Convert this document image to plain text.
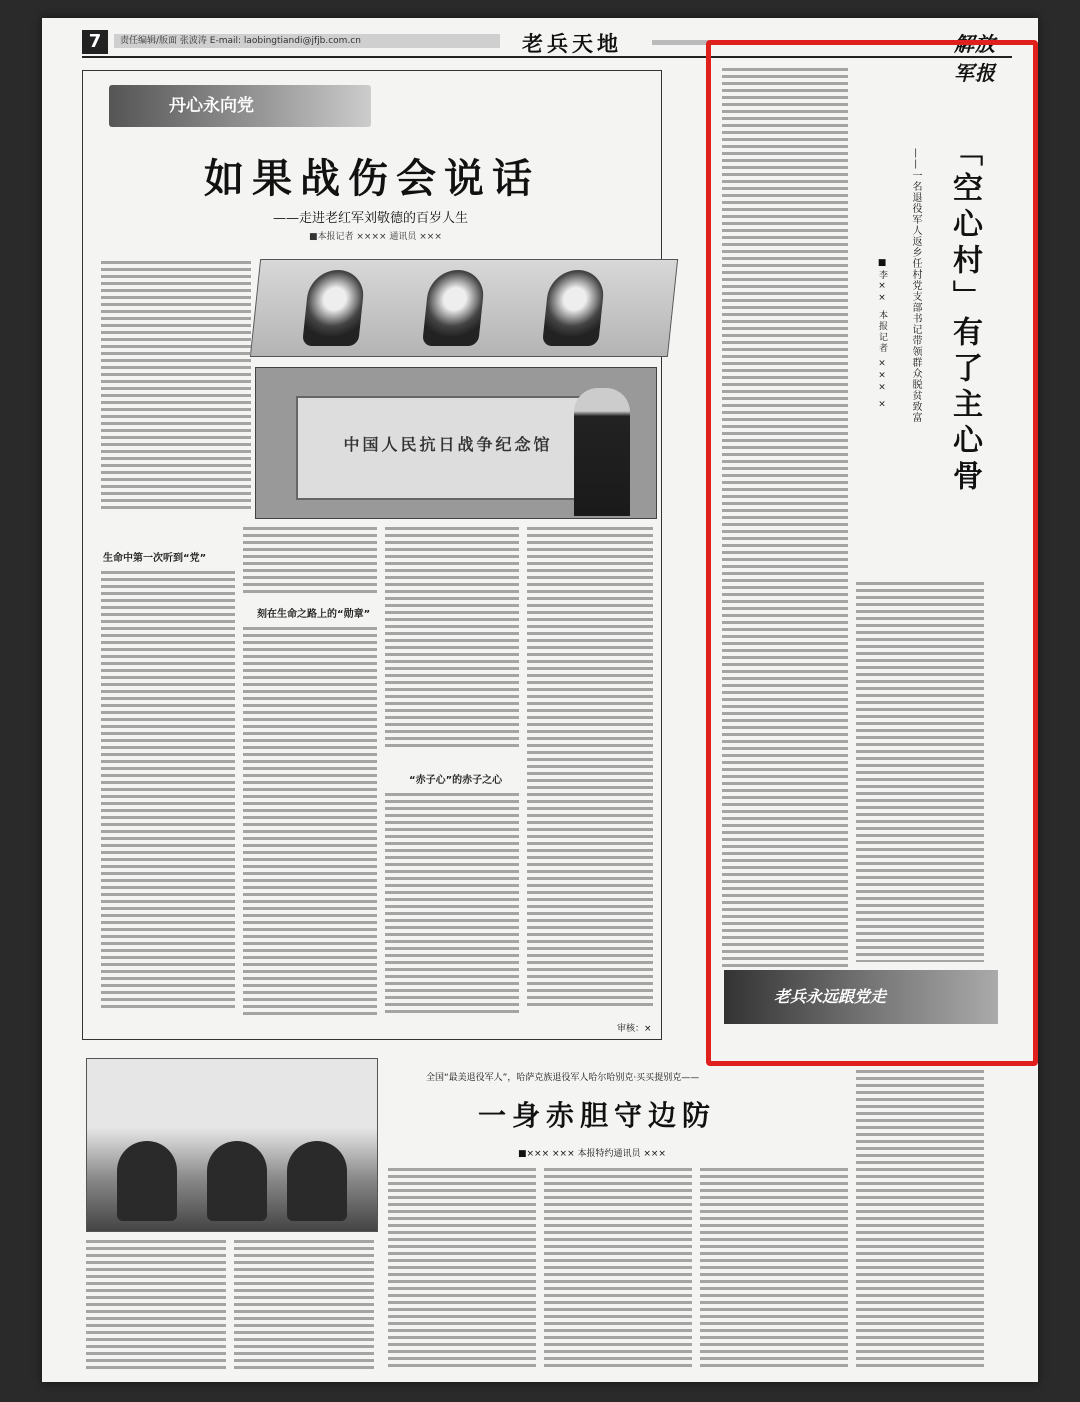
7	责任编辑/版面 张波涛 E-mail: laobingtiandi@jfjb.com.cn	老兵天地	解放军报
丹心永向党
如果战伤会说话
——走进老红军刘敬德的百岁人生
■本报记者 ×××× 通讯员 ×××
中国人民抗日战争纪念馆
生命中第一次听到“党”
刻在生命之路上的“勋章”
“赤子心”的赤子之心
审核：×
「空心村」有了主心骨
——一名退役军人返乡任村党支部书记带领群众脱贫致富
■李×× 本报记者 ××× ×
老兵永远跟党走
全国“最美退役军人”，哈萨克族退役军人哈尔哈别克·买买提别克——
一身赤胆守边防
■××× ××× 本报特约通讯员 ×××
